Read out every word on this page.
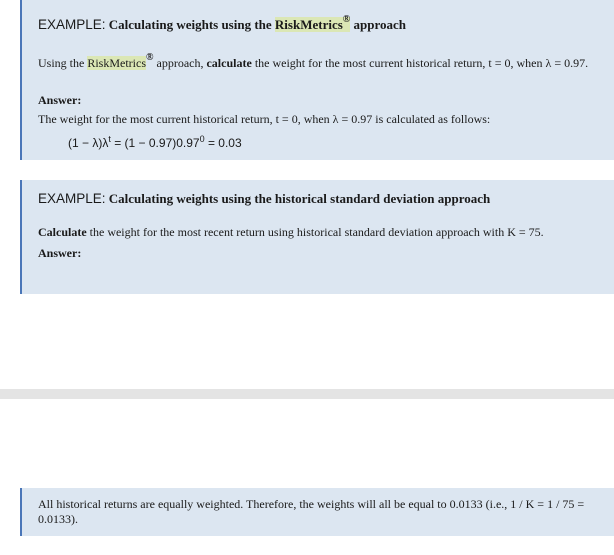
EXAMPLE: Calculating weights using the RiskMetrics® approach
Using the RiskMetrics® approach, calculate the weight for the most current historical return, t = 0, when λ = 0.97.
Answer:
The weight for the most current historical return, t = 0, when λ = 0.97 is calculated as follows:
$(1 - \lambda)\lambda^t = (1 - 0.97)0.97^0 = 0.03$
EXAMPLE: Calculating weights using the historical standard deviation approach
Calculate the weight for the most recent return using historical standard deviation approach with K = 75.
Answer:
All historical returns are equally weighted. Therefore, the weights will all be equal to 0.0133 (i.e., 1 / K = 1 / 75 = 0.0133).
